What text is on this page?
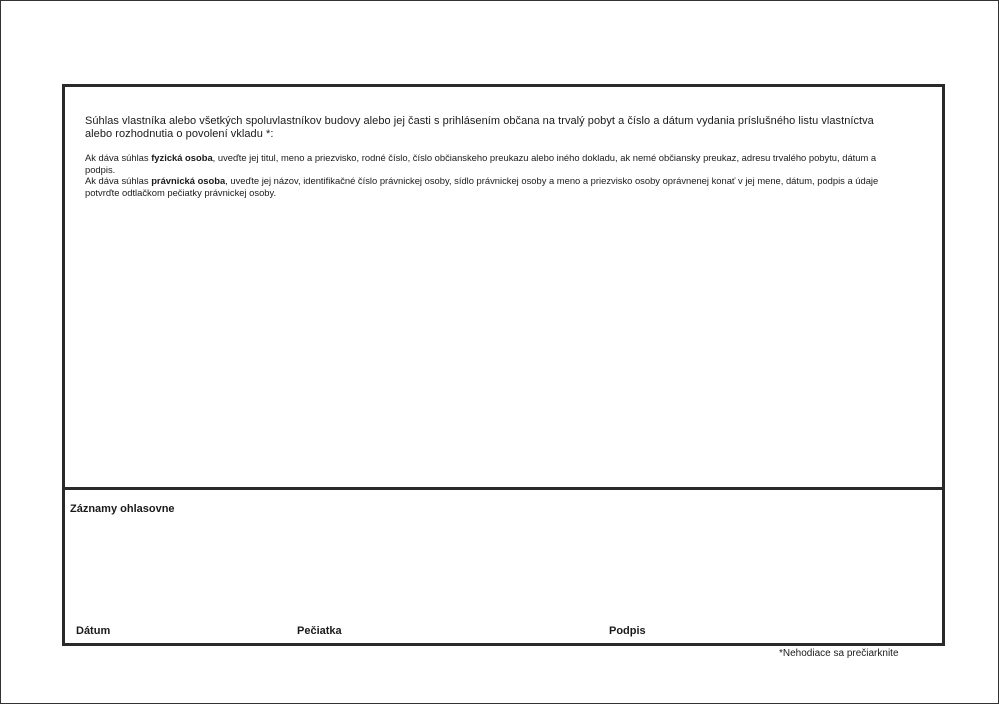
Súhlas vlastníka alebo všetkých spoluvlastníkov budovy alebo jej časti s prihlásením občana na trvalý pobyt a číslo a dátum vydania príslušného listu vlastníctva alebo rozhodnutia o povolení vkladu *:
Ak dáva súhlas fyzická osoba, uveďte jej titul, meno a priezvisko, rodné číslo, číslo občianskeho preukazu alebo iného dokladu, ak nemé občiansky preukaz, adresu trvalého pobytu, dátum a podpis.
Ak dáva súhlas právnická osoba, uveďte jej názov, identifikačné číslo právnickej osoby, sídlo právnickej osoby a meno a priezvisko osoby oprávnenej konať v jej mene, dátum, podpis a údaje potvrďte odtlačkom pečiatky právnickej osoby.
Záznamy ohlasovne
Dátum	Pečiatka	Podpis
*Nehodiace sa prečiarknite
